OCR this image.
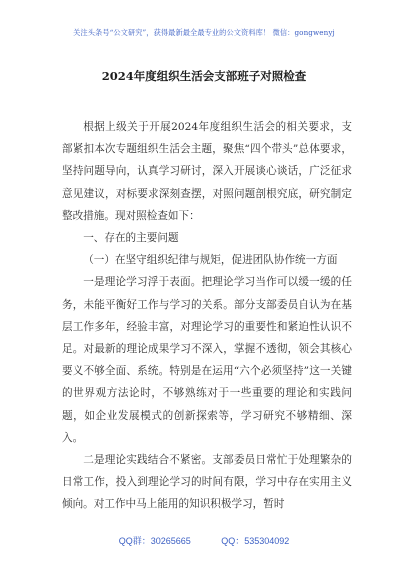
关注头条号“公文研究”，获得最新最全最专业的公文资料库！ 微信：gongwenyj
2024年度组织生活会支部班子对照检查

根据上级关于开展2024年度组织生活会的相关要求，支部紧扣本次专题组织生活会主题，聚焦“四个带头”总体要求，坚持问题导向，认真学习研讨，深入开展谈心谈话，广泛征求意见建议，对标要求深刻查摆，对照问题剖根究底，研究制定整改措施。现对照检查如下：

一、存在的主要问题

（一）在坚守组织纪律与规矩，促进团队协作统一方面

一是理论学习浮于表面。把理论学习当作可以缓一缓的任务，未能平衡好工作与学习的关系。部分支部委员自认为在基层工作多年，经验丰富，对理论学习的重要性和紧迫性认识不足。对最新的理论成果学习不深入，掌握不透彻，领会其核心要义不够全面、系统。特别是在运用“六个必须坚持”这一关键的世界观方法论时，不够熟练对于一些重要的理论和实践问题，如企业发展模式的创新探索等，学习研究不够精细、深入。

二是理论实践结合不紧密。支部委员日常忙于处理繁杂的日常工作，投入到理论学习的时间有限，学习中存在实用主义倾向。对工作中马上能用的知识积极学习，暂时

QQ群：30265665	QQ：535304092
